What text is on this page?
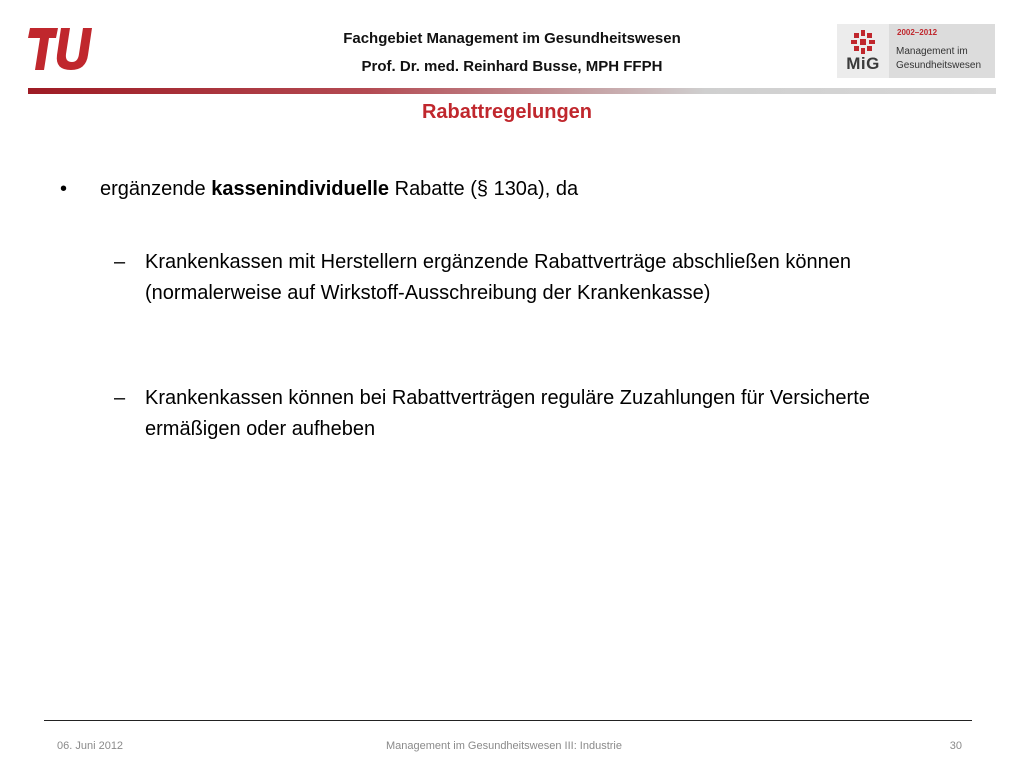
berlin	Fachgebiet Management im Gesundheitswesen
Prof. Dr. med. Reinhard Busse, MPH FFPH	MiG
2002–2012
Management im
Gesundheitswesen
Rabattregelungen
• ergänzende kassenindividuelle Rabatte (§ 130a), da
– Krankenkassen mit Herstellern ergänzende Rabattverträge abschließen können (normalerweise auf Wirkstoff-Ausschreibung der Krankenkasse)
– Krankenkassen können bei Rabattverträgen reguläre Zuzahlungen für Versicherte ermäßigen oder aufheben
06. Juni 2012	Management im Gesundheitswesen III: Industrie	30
